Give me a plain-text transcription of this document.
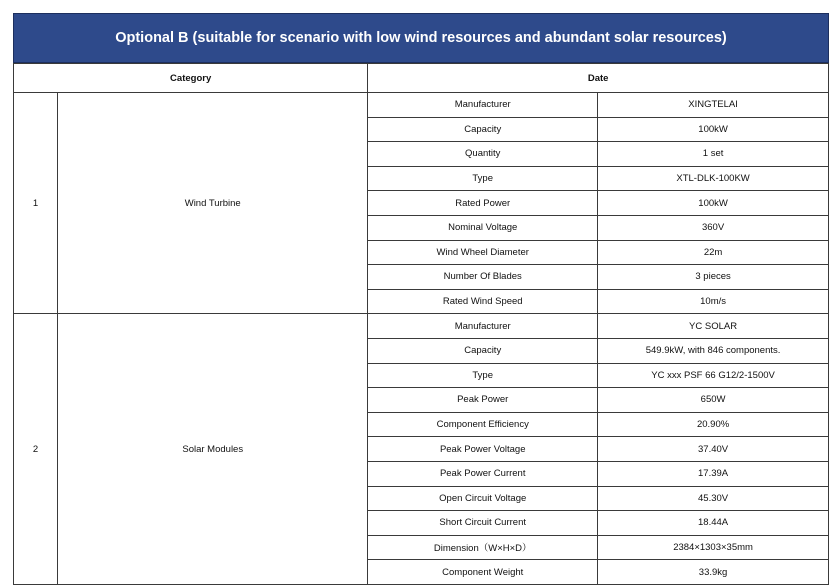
Optional B (suitable for scenario with low wind resources and abundant solar resources)
Category		Date	
1	Wind Turbine	Manufacturer	XINGTELAI
		Capacity	100kW
		Quantity	1 set
		Type	XTL-DLK-100KW
		Rated Power	100kW
		Nominal Voltage	360V
		Wind Wheel Diameter	22m
		Number Of Blades	3 pieces
		Rated Wind Speed	10m/s
2	Solar Modules	Manufacturer	YC SOLAR
		Capacity	549.9kW, with 846 components.
		Type	YC xxx PSF 66 G12/2-1500V
		Peak Power	650W
		Component Efficiency	20.90%
		Peak Power Voltage	37.40V
		Peak Power Current	17.39A
		Open Circuit Voltage	45.30V
		Short Circuit Current	18.44A
		Dimension（W×H×D）	2384×1303×35mm
		Component Weight	33.9kg
